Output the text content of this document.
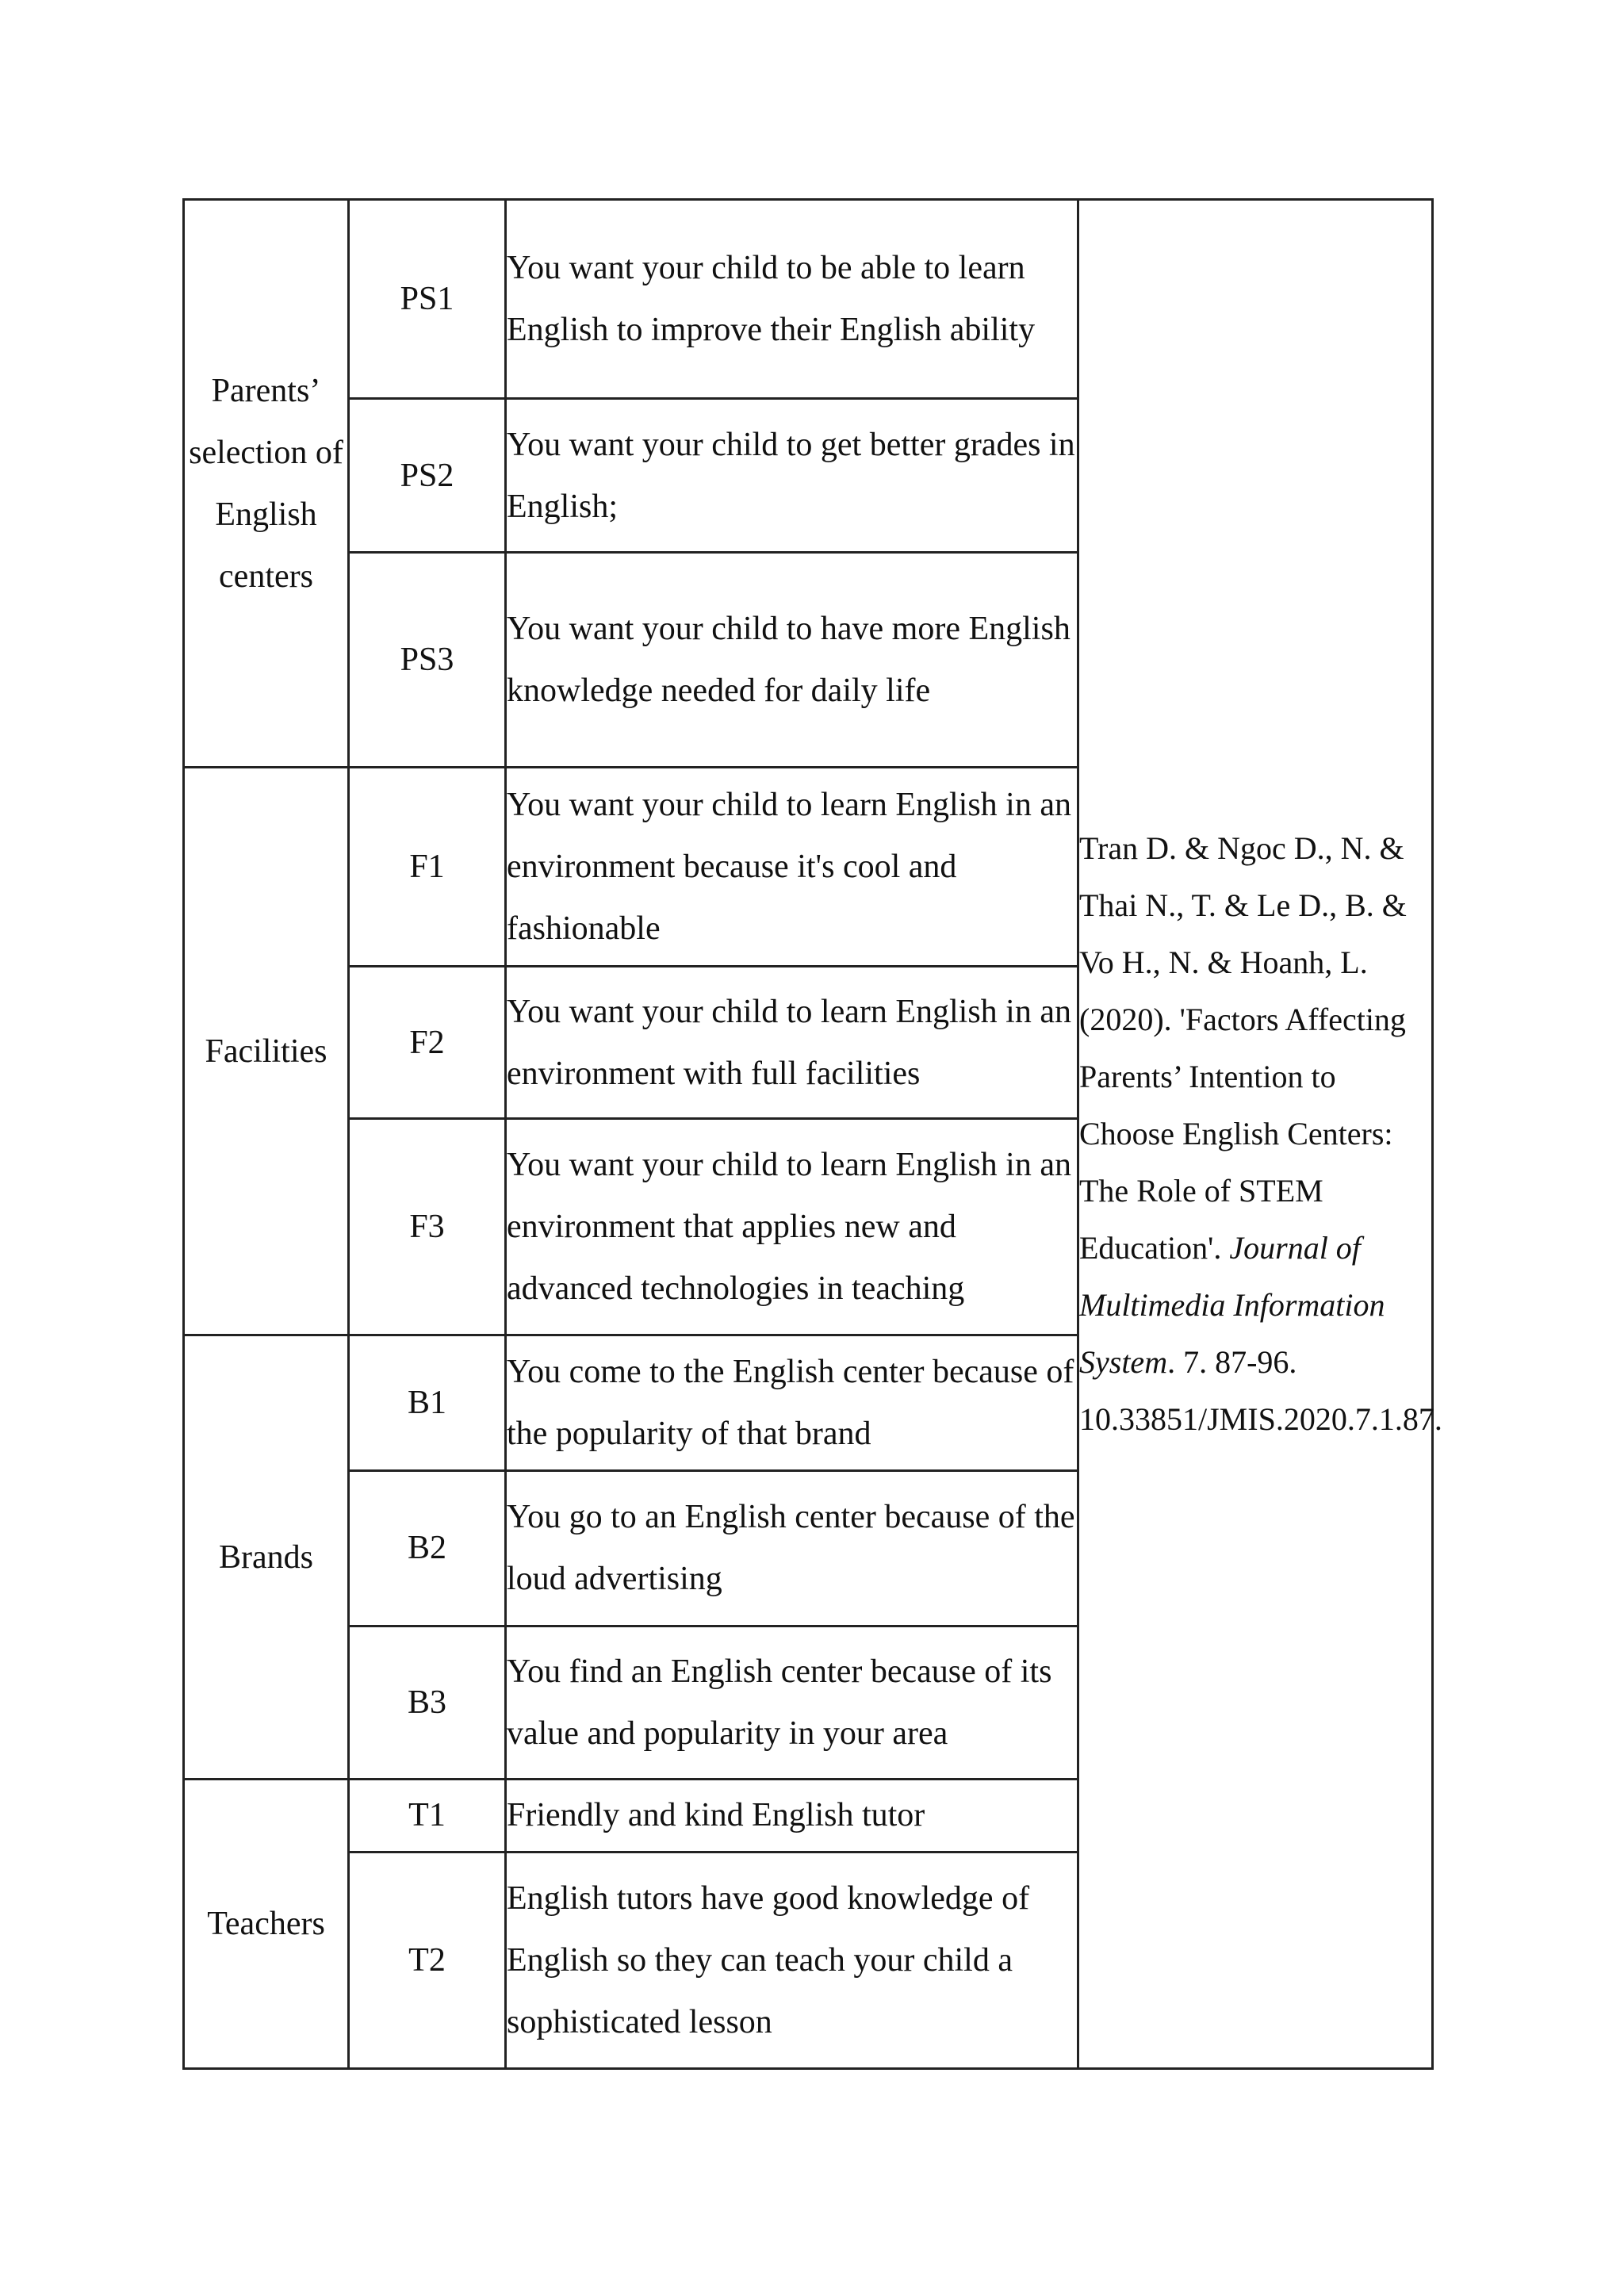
Parents’ selection of English centers	PS1	You want your child to be able to learn English to improve their English ability	Tran D. & Ngoc D., N. & Thai N., T. & Le D., B. & Vo H., N. & Hoanh, L. (2020). 'Factors Affecting Parents’ Intention to Choose English Centers: The Role of STEM Education'. Journal of Multimedia Information System. 7. 87-96. 10.33851/JMIS.2020.7.1.87.
	PS2	You want your child to get better grades in English;	
	PS3	You want your child to have more English knowledge needed for daily life	
Facilities	F1	You want your child to learn English in an environment because it's cool and fashionable	
	F2	You want your child to learn English in an environment with full facilities	
	F3	You want your child to learn English in an environment that applies new and advanced technologies in teaching	
Brands	B1	You come to the English center because of the popularity of that brand	
	B2	You go to an English center because of the loud advertising	
	B3	You find an English center because of its value and popularity in your area	
Teachers	T1	Friendly and kind English tutor	
	T2	English tutors have good knowledge of English so they can teach your child a sophisticated lesson	
